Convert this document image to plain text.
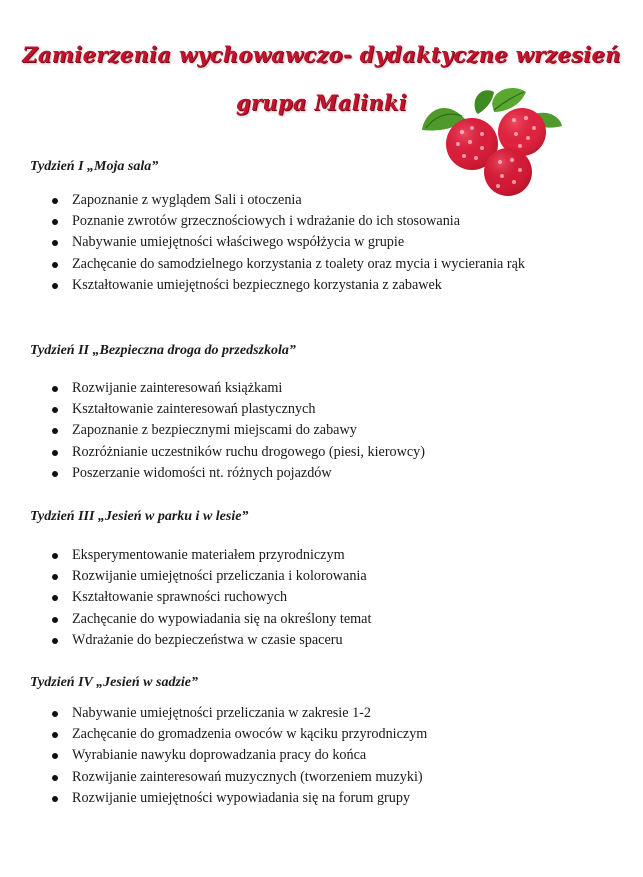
Zamierzenia wychowawczo- dydaktyczne wrzesień
grupa Malinki
Tydzień I „Moja sala”
Zapoznanie z wyglądem Sali i otoczenia
Poznanie zwrotów grzecznościowych i wdrażanie do ich stosowania
Nabywanie umiejętności właściwego współżycia w grupie
Zachęcanie do samodzielnego korzystania z toalety oraz mycia i wycierania rąk
Kształtowanie umiejętności bezpiecznego korzystania z zabawek
Tydzień II „Bezpieczna droga do przedszkola”
Rozwijanie zainteresowań książkami
Kształtowanie zainteresowań plastycznych
Zapoznanie z bezpiecznymi miejscami do zabawy
Rozróżnianie uczestników ruchu drogowego (piesi, kierowcy)
Poszerzanie widomości nt. różnych pojazdów
Tydzień III „Jesień w parku i w lesie”
Eksperymentowanie materiałem przyrodniczym
Rozwijanie umiejętności przeliczania i kolorowania
Kształtowanie sprawności ruchowych
Zachęcanie do wypowiadania się na określony temat
Wdrażanie do bezpieczeństwa w czasie spaceru
Tydzień IV „Jesień w sadzie”
Nabywanie umiejętności przeliczania w zakresie 1-2
Zachęcanie do gromadzenia owoców w kąciku przyrodniczym
Wyrabianie nawyku doprowadzania pracy do końca
Rozwijanie zainteresowań muzycznych (tworzeniem muzyki)
Rozwijanie umiejętności wypowiadania się na forum grupy
